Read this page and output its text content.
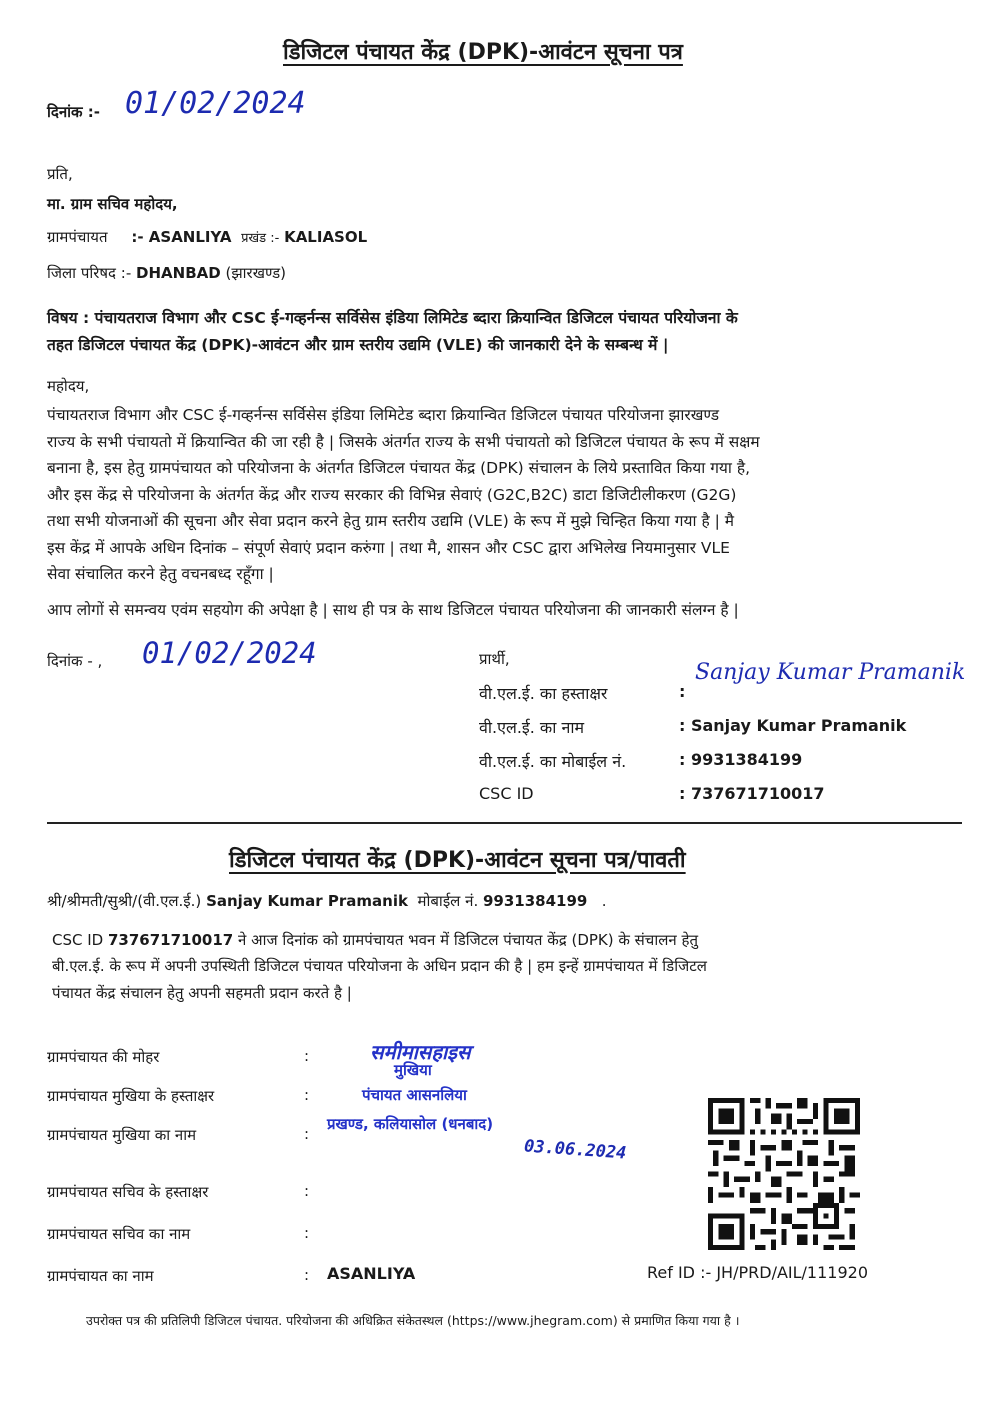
डिजिटल पंचायत केंद्र (DPK)-आवंटन सूचना पत्र
दिनांक :- 01/02/2024
प्रति,
मा. ग्राम सचिव महोदय,
ग्रामपंचायत :- ASANLIYA प्रखंड :- KALIASOL
जिला परिषद :- DHANBAD (झारखण्ड)
विषय : पंचायतराज विभाग और CSC ई-गव्हर्नन्स सर्विसेस इंडिया लिमिटेड ब्दारा क्रियान्वित डिजिटल पंचायत परियोजना के
तहत डिजिटल पंचायत केंद्र (DPK)-आवंटन और ग्राम स्तरीय उद्यमि (VLE) की जानकारी देने के सम्बन्ध में |
महोदय,
पंचायतराज विभाग और CSC ई-गव्हर्नन्स सर्विसेस इंडिया लिमिटेड ब्दारा क्रियान्वित डिजिटल पंचायत परियोजना झारखण्ड
राज्य के सभी पंचायतो में क्रियान्वित की जा रही है | जिसके अंतर्गत राज्य के सभी पंचायतो को डिजिटल पंचायत के रूप में सक्षम
बनाना है, इस हेतु ग्रामपंचायत को परियोजना के अंतर्गत डिजिटल पंचायत केंद्र (DPK) संचालन के लिये प्रस्तावित किया गया है,
और इस केंद्र से परियोजना के अंतर्गत केंद्र और राज्य सरकार की विभिन्न सेवाएं (G2C,B2C) डाटा डिजिटीलीकरण (G2G)
तथा सभी योजनाओं की सूचना और सेवा प्रदान करने हेतु ग्राम स्तरीय उद्यमि (VLE) के रूप में मुझे चिन्हित किया गया है | मै
इस केंद्र में आपके अधिन दिनांक – संपूर्ण सेवाएं प्रदान करुंगा | तथा मै, शासन और CSC द्वारा अभिलेख नियमानुसार VLE
सेवा संचालित करने हेतु वचनबध्द रहूँगा |
आप लोगों से समन्वय एवंम सहयोग की अपेक्षा है | साथ ही पत्र के साथ डिजिटल पंचायत परियोजना की जानकारी संलग्न है |
दिनांक - , 01/02/2024	प्रार्थी,
वी.एल.ई. का हस्ताक्षर	:
Sanjay Kumar Pramanik
वी.एल.ई. का नाम	: Sanjay Kumar Pramanik
वी.एल.ई. का मोबाईल नं.	: 9931384199
CSC ID	: 737671710017
डिजिटल पंचायत केंद्र (DPK)-आवंटन सूचना पत्र/पावती
श्री/श्रीमती/सुश्री/(वी.एल.ई.) Sanjay Kumar Pramanik मोबाईल नं. 9931384199 .
CSC ID 737671710017 ने आज दिनांक को ग्रामपंचायत भवन में डिजिटल पंचायत केंद्र (DPK) के संचालन हेतु
बी.एल.ई. के रूप में अपनी उपस्थिती डिजिटल पंचायत परियोजना के अधिन प्रदान की है | हम इन्हें ग्रामपंचायत में डिजिटल
पंचायत केंद्र संचालन हेतु अपनी सहमती प्रदान करते है |
ग्रामपंचायत की मोहर	:
ग्रामपंचायत मुखिया के हस्ताक्षर	:
ग्रामपंचायत मुखिया का नाम	:
ग्रामपंचायत सचिव के हस्ताक्षर	:
ग्रामपंचायत सचिव का नाम	:
ग्रामपंचायत का नाम	: ASANLIYA
समीमासहाइस
मुखिया
पंचायत आसनलिया
प्रखण्ड, कलियासोल (धनबाद)
03.06.2024
Ref ID :- JH/PRD/AIL/111920
उपरोक्त पत्र की प्रतिलिपी डिजिटल पंचायत. परियोजना की अधिक्रित संकेतस्थल (https://www.jhegram.com) से प्रमाणित किया गया है ।
